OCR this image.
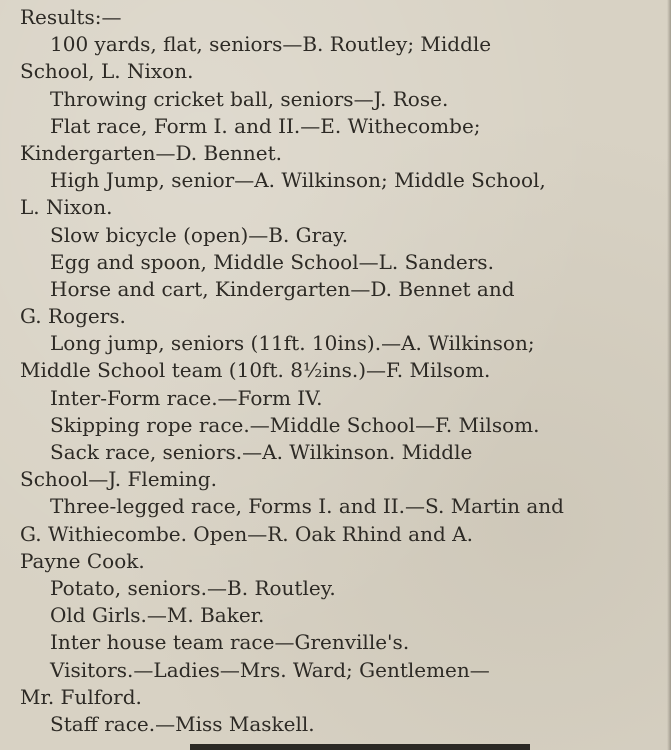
Results:—
100 yards, flat, seniors—B. Routley; Middle
School, L. Nixon.
Throwing cricket ball, seniors—J. Rose.
Flat race, Form I. and II.—E. Withecombe;
Kindergarten—D. Bennet.
High Jump, senior—A. Wilkinson; Middle School,
L. Nixon.
Slow bicycle (open)—B. Gray.
Egg and spoon, Middle School—L. Sanders.
Horse and cart, Kindergarten—D. Bennet and
G. Rogers.
Long jump, seniors (11ft. 10ins).—A. Wilkinson;
Middle School team (10ft. 8½ins.)—F. Milsom.
Inter-Form race.—Form IV.
Skipping rope race.—Middle School—F. Milsom.
Sack race, seniors.—A. Wilkinson. Middle
School—J. Fleming.
Three-legged race, Forms I. and II.—S. Martin and
G. Withiecombe. Open—R. Oak Rhind and A.
Payne Cook.
Potato, seniors.—B. Routley.
Old Girls.—M. Baker.
Inter house team race—Grenville's.
Visitors.—Ladies—Mrs. Ward; Gentlemen—
Mr. Fulford.
Staff race.—Miss Maskell.
